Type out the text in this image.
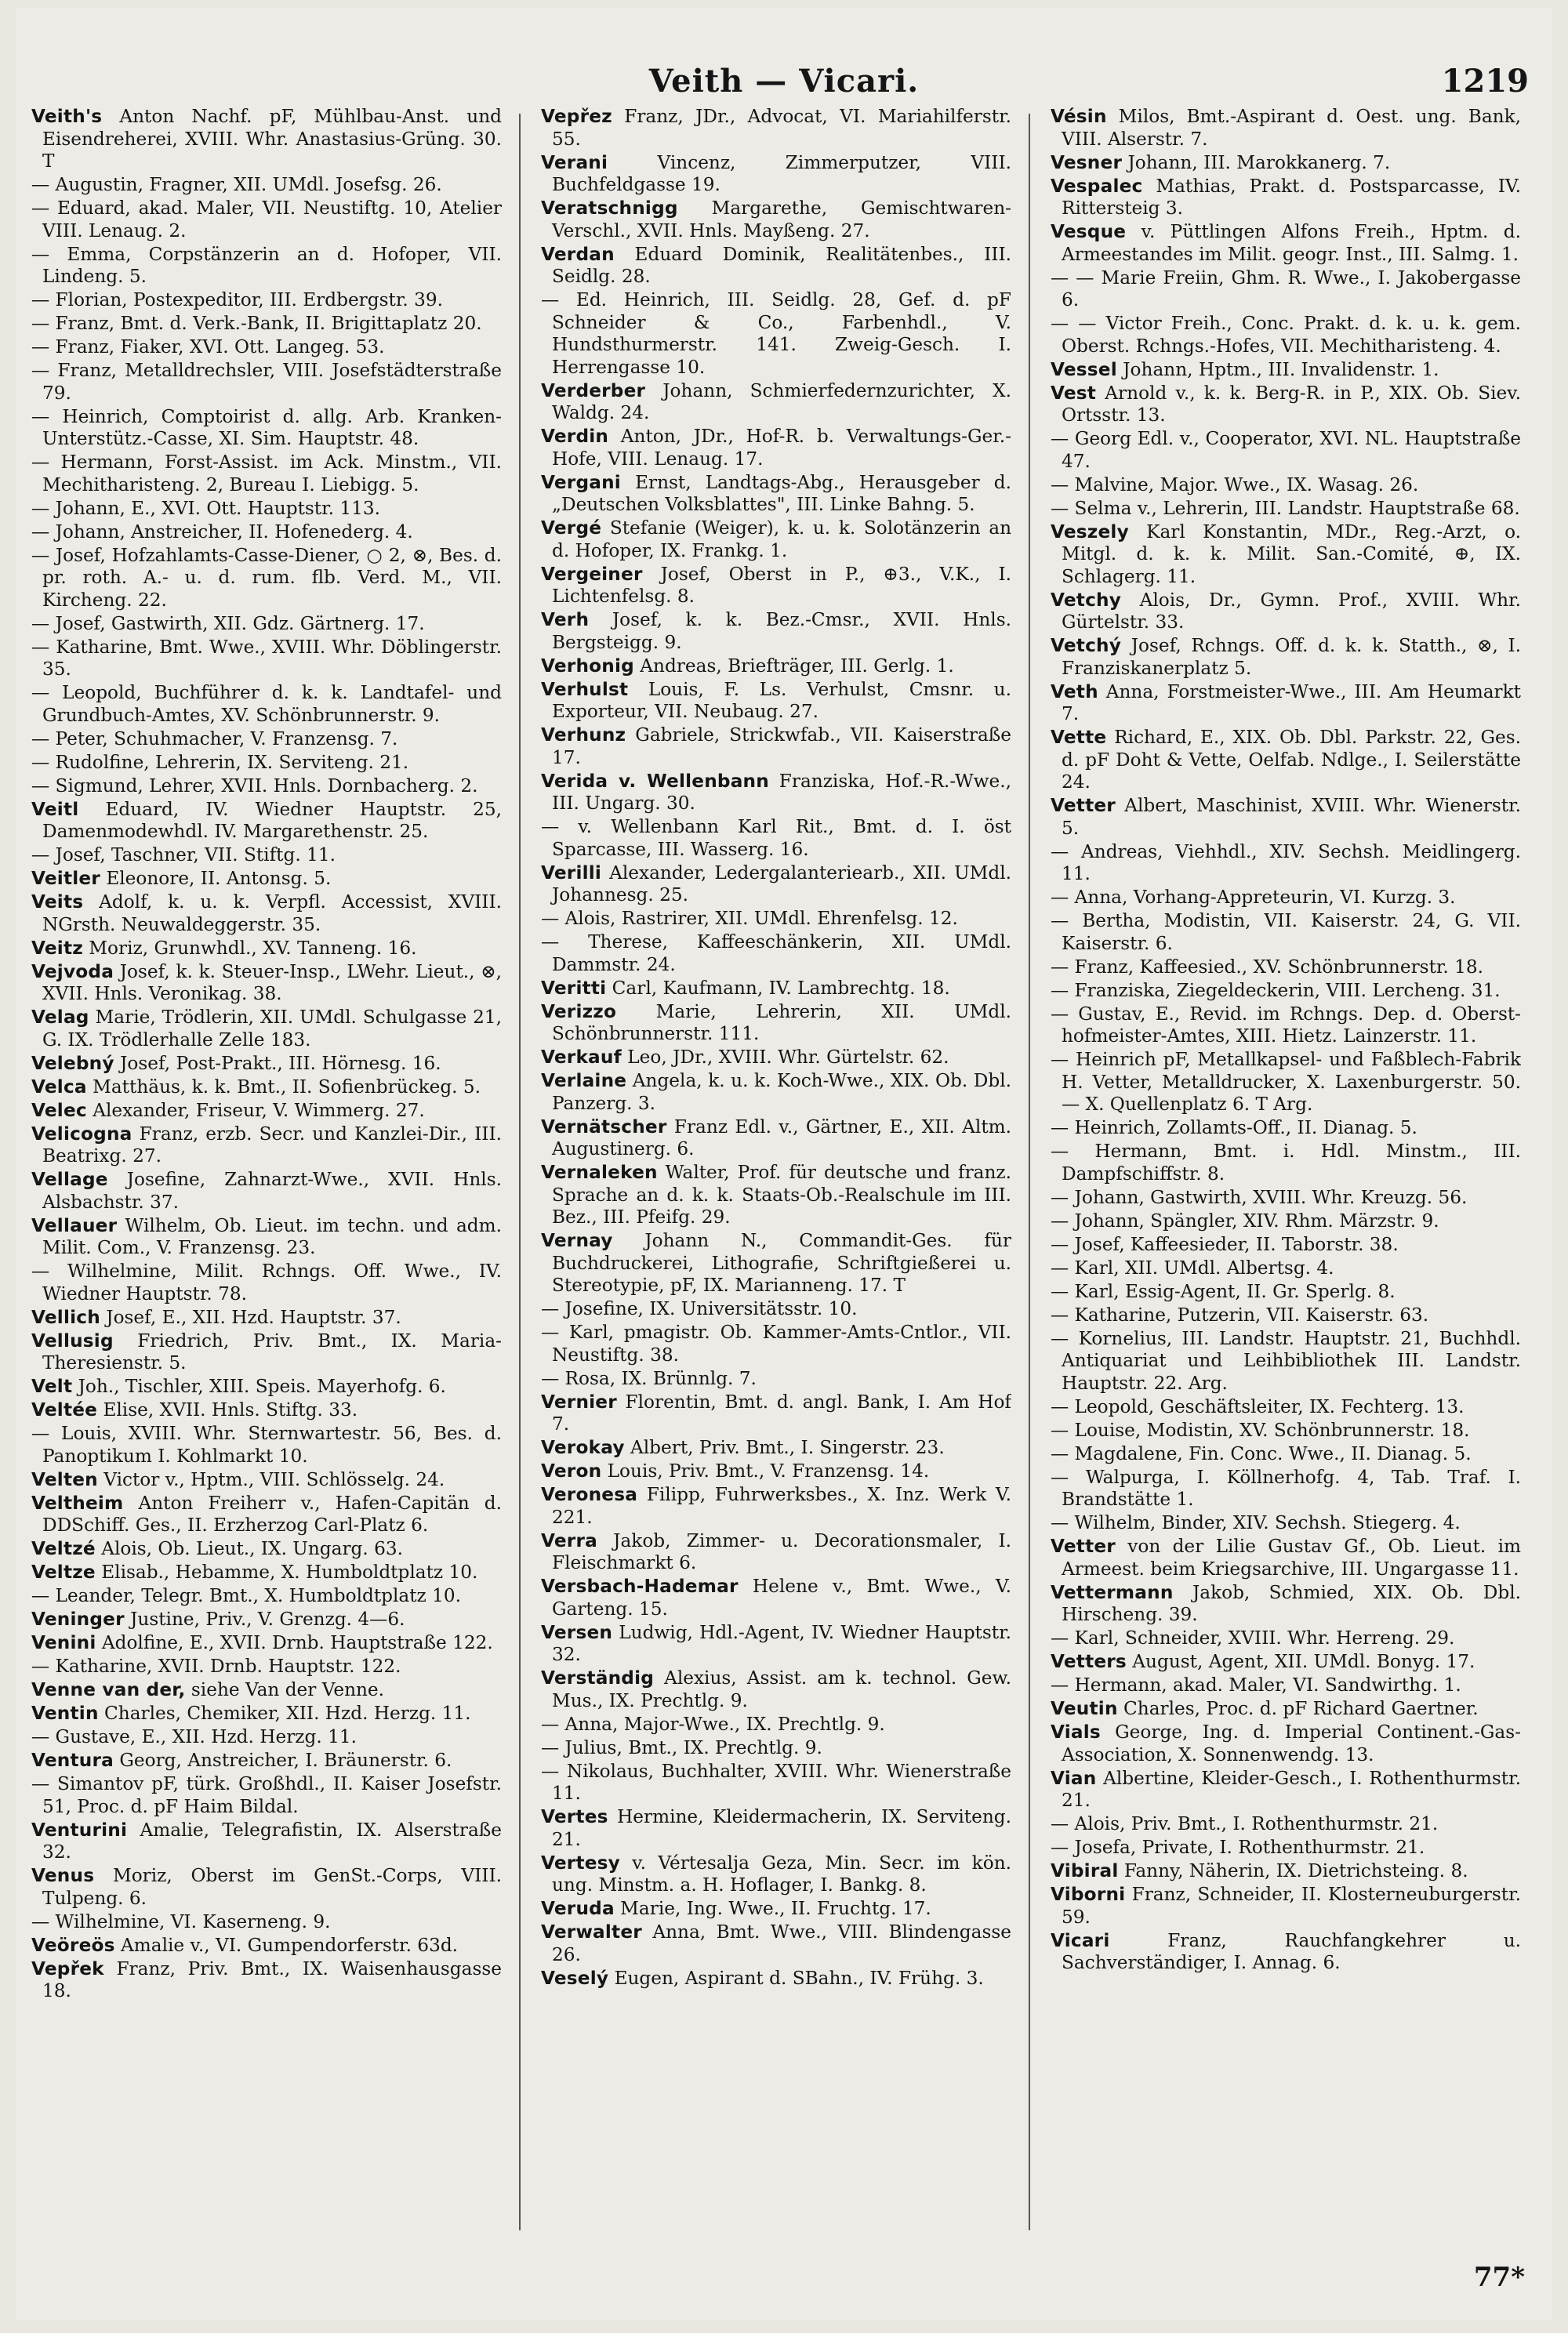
Veith — Vicari.	1219
Veith's Anton Nachf. pF, Mühlbau-Anst. und Eisendreherei, XVIII. Whr. Anastasius-Grüng. 30. T
— Augustin, Fragner, XII. UMdl. Josefsg. 26.
— Eduard, akad. Maler, VII. Neustiftg. 10, Atelier VIII. Lenaug. 2.
— Emma, Corpstänzerin an d. Hofoper, VII. Lindeng. 5.
— Florian, Postexpeditor, III. Erdbergstr. 39.
— Franz, Bmt. d. Verk.-Bank, II. Brigittaplatz 20.
— Franz, Fiaker, XVI. Ott. Langeg. 53.
— Franz, Metalldrechsler, VIII. Josefstädterstraße 79.
— Heinrich, Comptoirist d. allg. Arb. Kranken-Unterstütz.-Casse, XI. Sim. Hauptstr. 48.
— Hermann, Forst-Assist. im Ack. Minstm., VII. Mechitharisteng. 2, Bureau I. Liebigg. 5.
— Johann, E., XVI. Ott. Hauptstr. 113.
— Johann, Anstreicher, II. Hofenederg. 4.
— Josef, Hofzahlamts-Casse-Diener, ○ 2, ⊗, Bes. d. pr. roth. A.- u. d. rum. flb. Verd. M., VII. Kircheng. 22.
— Josef, Gastwirth, XII. Gdz. Gärtnerg. 17.
— Katharine, Bmt. Wwe., XVIII. Whr. Döblingerstr. 35.
— Leopold, Buchführer d. k. k. Landtafel- und Grundbuch-Amtes, XV. Schönbrunnerstr. 9.
— Peter, Schuhmacher, V. Franzensg. 7.
— Rudolfine, Lehrerin, IX. Serviteng. 21.
— Sigmund, Lehrer, XVII. Hnls. Dornbacherg. 2.
Veitl Eduard, IV. Wiedner Hauptstr. 25, Damenmodewhdl. IV. Margarethenstr. 25.
— Josef, Taschner, VII. Stiftg. 11.
Veitler Eleonore, II. Antonsg. 5.
Veits Adolf, k. u. k. Verpfl. Accessist, XVIII. NGrsth. Neuwaldeggerstr. 35.
Veitz Moriz, Grunwhdl., XV. Tanneng. 16.
Vejvoda Josef, k. k. Steuer-Insp., LWehr. Lieut., ⊗, XVII. Hnls. Veronikag. 38.
Velag Marie, Trödlerin, XII. UMdl. Schulgasse 21, G. IX. Trödlerhalle Zelle 183.
Velebný Josef, Post-Prakt., III. Hörnesg. 16.
Velca Matthäus, k. k. Bmt., II. Sofienbrückeg. 5.
Velec Alexander, Friseur, V. Wimmerg. 27.
Velicogna Franz, erzb. Secr. und Kanzlei-Dir., III. Beatrixg. 27.
Vellage Josefine, Zahnarzt-Wwe., XVII. Hnls. Alsbachstr. 37.
Vellauer Wilhelm, Ob. Lieut. im techn. und adm. Milit. Com., V. Franzensg. 23.
— Wilhelmine, Milit. Rchngs. Off. Wwe., IV. Wiedner Hauptstr. 78.
Vellich Josef, E., XII. Hzd. Hauptstr. 37.
Vellusig Friedrich, Priv. Bmt., IX. Maria-Theresienstr. 5.
Velt Joh., Tischler, XIII. Speis. Mayerhofg. 6.
Veltée Elise, XVII. Hnls. Stiftg. 33.
— Louis, XVIII. Whr. Sternwartestr. 56, Bes. d. Panoptikum I. Kohlmarkt 10.
Velten Victor v., Hptm., VIII. Schlösselg. 24.
Veltheim Anton Freiherr v., Hafen-Capitän d. DDSchiff. Ges., II. Erzherzog Carl-Platz 6.
Veltzé Alois, Ob. Lieut., IX. Ungarg. 63.
Veltze Elisab., Hebamme, X. Humboldtplatz 10.
— Leander, Telegr. Bmt., X. Humboldtplatz 10.
Veninger Justine, Priv., V. Grenzg. 4—6.
Venini Adolfine, E., XVII. Drnb. Hauptstraße 122.
— Katharine, XVII. Drnb. Hauptstr. 122.
Venne van der, siehe Van der Venne.
Ventin Charles, Chemiker, XII. Hzd. Herzg. 11.
— Gustave, E., XII. Hzd. Herzg. 11.
Ventura Georg, Anstreicher, I. Bräunerstr. 6.
— Simantov pF, türk. Großhdl., II. Kaiser Josefstr. 51, Proc. d. pF Haim Bildal.
Venturini Amalie, Telegrafistin, IX. Alserstraße 32.
Venus Moriz, Oberst im GenSt.-Corps, VIII. Tulpeng. 6.
— Wilhelmine, VI. Kaserneng. 9.
Veöreös Amalie v., VI. Gumpendorferstr. 63d.
Vepřek Franz, Priv. Bmt., IX. Waisenhausgasse 18.
Vepřez Franz, JDr., Advocat, VI. Mariahilferstr. 55.
Verani Vincenz, Zimmerputzer, VIII. Buchfeldgasse 19.
Veratschnigg Margarethe, Gemischtwaren-Verschl., XVII. Hnls. Mayßeng. 27.
Verdan Eduard Dominik, Realitätenbes., III. Seidlg. 28.
— Ed. Heinrich, III. Seidlg. 28, Gef. d. pF Schneider & Co., Farbenhdl., V. Hundsthurmerstr. 141. Zweig-Gesch. I. Herrengasse 10.
Verderber Johann, Schmierfedernzurichter, X. Waldg. 24.
Verdin Anton, JDr., Hof-R. b. Verwaltungs-Ger.-Hofe, VIII. Lenaug. 17.
Vergani Ernst, Landtags-Abg., Herausgeber d. „Deutschen Volksblattes", III. Linke Bahng. 5.
Vergé Stefanie (Weiger), k. u. k. Solotänzerin an d. Hofoper, IX. Frankg. 1.
Vergeiner Josef, Oberst in P., ⊕3., V.K., I. Lichtenfelsg. 8.
Verh Josef, k. k. Bez.-Cmsr., XVII. Hnls. Bergsteigg. 9.
Verhonig Andreas, Briefträger, III. Gerlg. 1.
Verhulst Louis, F. Ls. Verhulst, Cmsnr. u. Exporteur, VII. Neubaug. 27.
Verhunz Gabriele, Strickwfab., VII. Kaiserstraße 17.
Verida v. Wellenbann Franziska, Hof.-R.-Wwe., III. Ungarg. 30.
— v. Wellenbann Karl Rit., Bmt. d. I. öst Sparcasse, III. Wasserg. 16.
Verilli Alexander, Ledergalanteriearb., XII. UMdl. Johannesg. 25.
— Alois, Rastrirer, XII. UMdl. Ehrenfelsg. 12.
— Therese, Kaffeeschänkerin, XII. UMdl. Dammstr. 24.
Veritti Carl, Kaufmann, IV. Lambrechtg. 18.
Verizzo Marie, Lehrerin, XII. UMdl. Schönbrunnerstr. 111.
Verkauf Leo, JDr., XVIII. Whr. Gürtelstr. 62.
Verlaine Angela, k. u. k. Koch-Wwe., XIX. Ob. Dbl. Panzerg. 3.
Vernätscher Franz Edl. v., Gärtner, E., XII. Altm. Augustinerg. 6.
Vernaleken Walter, Prof. für deutsche und franz. Sprache an d. k. k. Staats-Ob.-Realschule im III. Bez., III. Pfeifg. 29.
Vernay Johann N., Commandit-Ges. für Buchdruckerei, Lithografie, Schriftgießerei u. Stereotypie, pF, IX. Marianneng. 17. T
— Josefine, IX. Universitätsstr. 10.
— Karl, pmagistr. Ob. Kammer-Amts-Cntlor., VII. Neustiftg. 38.
— Rosa, IX. Brünnlg. 7.
Vernier Florentin, Bmt. d. angl. Bank, I. Am Hof 7.
Verokay Albert, Priv. Bmt., I. Singerstr. 23.
Veron Louis, Priv. Bmt., V. Franzensg. 14.
Veronesa Filipp, Fuhrwerksbes., X. Inz. Werk V. 221.
Verra Jakob, Zimmer- u. Decorationsmaler, I. Fleischmarkt 6.
Versbach-Hademar Helene v., Bmt. Wwe., V. Garteng. 15.
Versen Ludwig, Hdl.-Agent, IV. Wiedner Hauptstr. 32.
Verständig Alexius, Assist. am k. technol. Gew. Mus., IX. Prechtlg. 9.
— Anna, Major-Wwe., IX. Prechtlg. 9.
— Julius, Bmt., IX. Prechtlg. 9.
— Nikolaus, Buchhalter, XVIII. Whr. Wienerstraße 11.
Vertes Hermine, Kleidermacherin, IX. Serviteng. 21.
Vertesy v. Vértesalja Geza, Min. Secr. im kön. ung. Minstm. a. H. Hoflager, I. Bankg. 8.
Veruda Marie, Ing. Wwe., II. Fruchtg. 17.
Verwalter Anna, Bmt. Wwe., VIII. Blindengasse 26.
Veselý Eugen, Aspirant d. SBahn., IV. Frühg. 3.
Vésin Milos, Bmt.-Aspirant d. Oest. ung. Bank, VIII. Alserstr. 7.
Vesner Johann, III. Marokkanerg. 7.
Vespalec Mathias, Prakt. d. Postsparcasse, IV. Rittersteig 3.
Vesque v. Püttlingen Alfons Freih., Hptm. d. Armeestandes im Milit. geogr. Inst., III. Salmg. 1.
— — Marie Freiin, Ghm. R. Wwe., I. Jakobergasse 6.
— — Victor Freih., Conc. Prakt. d. k. u. k. gem. Oberst. Rchngs.-Hofes, VII. Mechitharisteng. 4.
Vessel Johann, Hptm., III. Invalidenstr. 1.
Vest Arnold v., k. k. Berg-R. in P., XIX. Ob. Siev. Ortsstr. 13.
— Georg Edl. v., Cooperator, XVI. NL. Hauptstraße 47.
— Malvine, Major. Wwe., IX. Wasag. 26.
— Selma v., Lehrerin, III. Landstr. Hauptstraße 68.
Veszely Karl Konstantin, MDr., Reg.-Arzt, o. Mitgl. d. k. k. Milit. San.-Comité, ⊕, IX. Schlagerg. 11.
Vetchy Alois, Dr., Gymn. Prof., XVIII. Whr. Gürtelstr. 33.
Vetchý Josef, Rchngs. Off. d. k. k. Statth., ⊗, I. Franziskanerplatz 5.
Veth Anna, Forstmeister-Wwe., III. Am Heumarkt 7.
Vette Richard, E., XIX. Ob. Dbl. Parkstr. 22, Ges. d. pF Doht & Vette, Oelfab. Ndlge., I. Seilerstätte 24.
Vetter Albert, Maschinist, XVIII. Whr. Wienerstr. 5.
— Andreas, Viehhdl., XIV. Sechsh. Meidlingerg. 11.
— Anna, Vorhang-Appreteurin, VI. Kurzg. 3.
— Bertha, Modistin, VII. Kaiserstr. 24, G. VII. Kaiserstr. 6.
— Franz, Kaffeesied., XV. Schönbrunnerstr. 18.
— Franziska, Ziegeldeckerin, VIII. Lercheng. 31.
— Gustav, E., Revid. im Rchngs. Dep. d. Oberst-hofmeister-Amtes, XIII. Hietz. Lainzerstr. 11.
— Heinrich pF, Metallkapsel- und Faßblech-Fabrik H. Vetter, Metalldrucker, X. Laxenburgerstr. 50. — X. Quellenplatz 6. T Arg.
— Heinrich, Zollamts-Off., II. Dianag. 5.
— Hermann, Bmt. i. Hdl. Minstm., III. Dampfschiffstr. 8.
— Johann, Gastwirth, XVIII. Whr. Kreuzg. 56.
— Johann, Spängler, XIV. Rhm. Märzstr. 9.
— Josef, Kaffeesieder, II. Taborstr. 38.
— Karl, XII. UMdl. Albertsg. 4.
— Karl, Essig-Agent, II. Gr. Sperlg. 8.
— Katharine, Putzerin, VII. Kaiserstr. 63.
— Kornelius, III. Landstr. Hauptstr. 21, Buchhdl. Antiquariat und Leihbibliothek III. Landstr. Hauptstr. 22. Arg.
— Leopold, Geschäftsleiter, IX. Fechterg. 13.
— Louise, Modistin, XV. Schönbrunnerstr. 18.
— Magdalene, Fin. Conc. Wwe., II. Dianag. 5.
— Walpurga, I. Köllnerhofg. 4, Tab. Traf. I. Brandstätte 1.
— Wilhelm, Binder, XIV. Sechsh. Stiegerg. 4.
Vetter von der Lilie Gustav Gf., Ob. Lieut. im Armeest. beim Kriegsarchive, III. Ungargasse 11.
Vettermann Jakob, Schmied, XIX. Ob. Dbl. Hirscheng. 39.
— Karl, Schneider, XVIII. Whr. Herreng. 29.
Vetters August, Agent, XII. UMdl. Bonyg. 17.
— Hermann, akad. Maler, VI. Sandwirthg. 1.
Veutin Charles, Proc. d. pF Richard Gaertner.
Vials George, Ing. d. Imperial Continent.-Gas-Association, X. Sonnenwendg. 13.
Vian Albertine, Kleider-Gesch., I. Rothenthurmstr. 21.
— Alois, Priv. Bmt., I. Rothenthurmstr. 21.
— Josefa, Private, I. Rothenthurmstr. 21.
Vibiral Fanny, Näherin, IX. Dietrichsteing. 8.
Viborni Franz, Schneider, II. Klosterneuburgerstr. 59.
Vicari Franz, Rauchfangkehrer u. Sachverständiger, I. Annag. 6.
77*
